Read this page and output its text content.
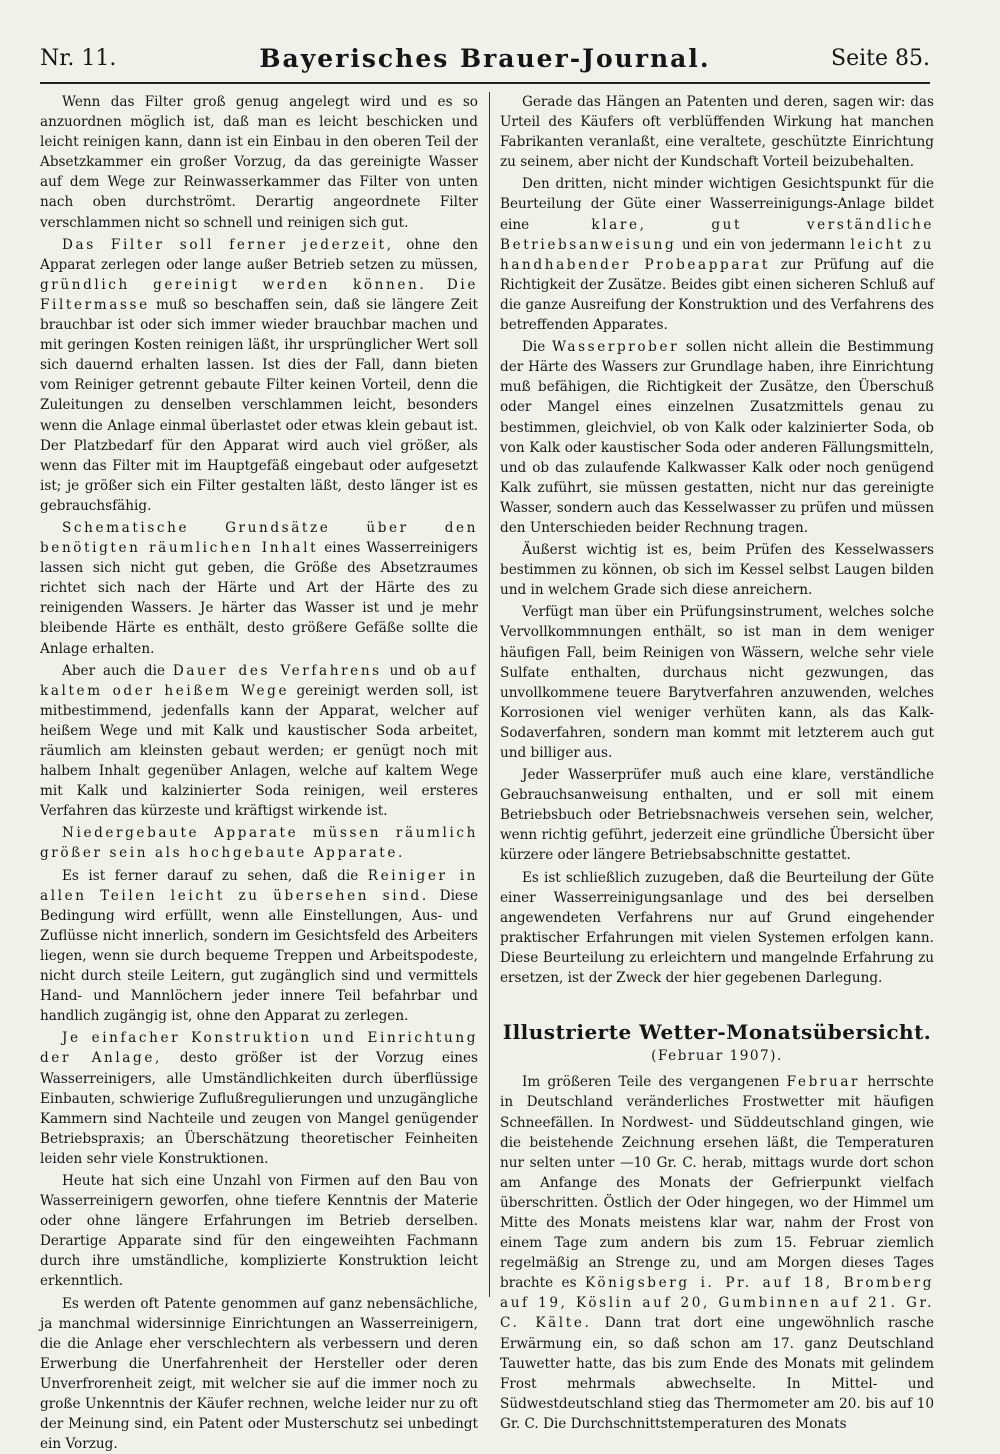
Nr. 11.	Bayerisches Brauer-Journal.	Seite 85.

Wenn das Filter groß genug angelegt wird und es so anzuordnen möglich ist, daß man es leicht beschicken und leicht reinigen kann, dann ist ein Einbau in den oberen Teil der Absetzkammer ein großer Vorzug, da das gereinigte Wasser auf dem Wege zur Reinwasserkammer das Filter von unten nach oben durchströmt. Derartig angeordnete Filter verschlammen nicht so schnell und reinigen sich gut.

Das Filter soll ferner jederzeit, ohne den Apparat zerlegen oder lange außer Betrieb setzen zu müssen, gründlich gereinigt werden können. Die Filtermasse muß so beschaffen sein, daß sie längere Zeit brauchbar ist oder sich immer wieder brauchbar machen und mit geringen Kosten reinigen läßt, ihr ursprünglicher Wert soll sich dauernd erhalten lassen. Ist dies der Fall, dann bieten vom Reiniger getrennt gebaute Filter keinen Vorteil, denn die Zuleitungen zu denselben verschlammen leicht, besonders wenn die Anlage einmal überlastet oder etwas klein gebaut ist. Der Platzbedarf für den Apparat wird auch viel größer, als wenn das Filter mit im Hauptgefäß eingebaut oder aufgesetzt ist; je größer sich ein Filter gestalten läßt, desto länger ist es gebrauchsfähig.

Schematische Grundsätze über den benötigten räumlichen Inhalt eines Wasserreinigers lassen sich nicht gut geben, die Größe des Absetzraumes richtet sich nach der Härte und Art der Härte des zu reinigenden Wassers. Je härter das Wasser ist und je mehr bleibende Härte es enthält, desto größere Gefäße sollte die Anlage erhalten.

Aber auch die Dauer des Verfahrens und ob auf kaltem oder heißem Wege gereinigt werden soll, ist mitbestimmend, jedenfalls kann der Apparat, welcher auf heißem Wege und mit Kalk und kaustischer Soda arbeitet, räumlich am kleinsten gebaut werden; er genügt noch mit halbem Inhalt gegenüber Anlagen, welche auf kaltem Wege mit Kalk und kalzinierter Soda reinigen, weil ersteres Verfahren das kürzeste und kräftigst wirkende ist.

Niedergebaute Apparate müssen räumlich größer sein als hochgebaute Apparate.

Es ist ferner darauf zu sehen, daß die Reiniger in allen Teilen leicht zu übersehen sind. Diese Bedingung wird erfüllt, wenn alle Einstellungen, Aus- und Zuflüsse nicht innerlich, sondern im Gesichtsfeld des Arbeiters liegen, wenn sie durch bequeme Treppen und Arbeitspodeste, nicht durch steile Leitern, gut zugänglich sind und vermittels Hand- und Mannlöchern jeder innere Teil befahrbar und handlich zugängig ist, ohne den Apparat zu zerlegen.

Je einfacher Konstruktion und Einrichtung der Anlage, desto größer ist der Vorzug eines Wasserreinigers, alle Umständlichkeiten durch überflüssige Einbauten, schwierige Zuflußregulierungen und unzugängliche Kammern sind Nachteile und zeugen von Mangel genügender Betriebspraxis; an Überschätzung theoretischer Feinheiten leiden sehr viele Konstruktionen.

Heute hat sich eine Unzahl von Firmen auf den Bau von Wasserreinigern geworfen, ohne tiefere Kenntnis der Materie oder ohne längere Erfahrungen im Betrieb derselben. Derartige Apparate sind für den eingeweihten Fachmann durch ihre umständliche, komplizierte Konstruktion leicht erkenntlich.

Es werden oft Patente genommen auf ganz nebensächliche, ja manchmal widersinnige Einrichtungen an Wasserreinigern, die die Anlage eher verschlechtern als verbessern und deren Erwerbung die Unerfahrenheit der Hersteller oder deren Unverfrorenheit zeigt, mit welcher sie auf die immer noch zu große Unkenntnis der Käufer rechnen, welche leider nur zu oft der Meinung sind, ein Patent oder Musterschutz sei unbedingt ein Vorzug.

Gerade das Hängen an Patenten und deren, sagen wir: das Urteil des Käufers oft verblüffenden Wirkung hat manchen Fabrikanten veranlaßt, eine veraltete, geschützte Einrichtung zu seinem, aber nicht der Kundschaft Vorteil beizubehalten.

Den dritten, nicht minder wichtigen Gesichtspunkt für die Beurteilung der Güte einer Wasserreinigungs-Anlage bildet eine klare, gut verständliche Betriebsanweisung und ein von jedermann leicht zu handhabender Probeapparat zur Prüfung auf die Richtigkeit der Zusätze. Beides gibt einen sicheren Schluß auf die ganze Ausreifung der Konstruktion und des Verfahrens des betreffenden Apparates.

Die Wasserprober sollen nicht allein die Bestimmung der Härte des Wassers zur Grundlage haben, ihre Einrichtung muß befähigen, die Richtigkeit der Zusätze, den Überschuß oder Mangel eines einzelnen Zusatzmittels genau zu bestimmen, gleichviel, ob von Kalk oder kalzinierter Soda, ob von Kalk oder kaustischer Soda oder anderen Fällungsmitteln, und ob das zulaufende Kalkwasser Kalk oder noch genügend Kalk zuführt, sie müssen gestatten, nicht nur das gereinigte Wasser, sondern auch das Kesselwasser zu prüfen und müssen den Unterschieden beider Rechnung tragen.

Äußerst wichtig ist es, beim Prüfen des Kesselwassers bestimmen zu können, ob sich im Kessel selbst Laugen bilden und in welchem Grade sich diese anreichern.

Verfügt man über ein Prüfungsinstrument, welches solche Vervollkommnungen enthält, so ist man in dem weniger häufigen Fall, beim Reinigen von Wässern, welche sehr viele Sulfate enthalten, durchaus nicht gezwungen, das unvollkommene teuere Barytverfahren anzuwenden, welches Korrosionen viel weniger verhüten kann, als das Kalk-Sodaverfahren, sondern man kommt mit letzterem auch gut und billiger aus.

Jeder Wasserprüfer muß auch eine klare, verständliche Gebrauchsanweisung enthalten, und er soll mit einem Betriebsbuch oder Betriebsnachweis versehen sein, welcher, wenn richtig geführt, jederzeit eine gründliche Übersicht über kürzere oder längere Betriebsabschnitte gestattet.

Es ist schließlich zuzugeben, daß die Beurteilung der Güte einer Wasserreinigungsanlage und des bei derselben angewendeten Verfahrens nur auf Grund eingehender praktischer Erfahrungen mit vielen Systemen erfolgen kann. Diese Beurteilung zu erleichtern und mangelnde Erfahrung zu ersetzen, ist der Zweck der hier gegebenen Darlegung.

Illustrierte Wetter-Monatsübersicht.
(Februar 1907).

Im größeren Teile des vergangenen Februar herrschte in Deutschland veränderliches Frostwetter mit häufigen Schneefällen. In Nordwest- und Süddeutschland gingen, wie die beistehende Zeichnung ersehen läßt, die Temperaturen nur selten unter —10 Gr. C. herab, mittags wurde dort schon am Anfange des Monats der Gefrierpunkt vielfach überschritten. Östlich der Oder hingegen, wo der Himmel um Mitte des Monats meistens klar war, nahm der Frost von einem Tage zum andern bis zum 15. Februar ziemlich regelmäßig an Strenge zu, und am Morgen dieses Tages brachte es Königsberg i. Pr. auf 18, Bromberg auf 19, Köslin auf 20, Gumbinnen auf 21. Gr. C. Kälte. Dann trat dort eine ungewöhnlich rasche Erwärmung ein, so daß schon am 17. ganz Deutschland Tauwetter hatte, das bis zum Ende des Monats mit gelindem Frost mehrmals abwechselte. In Mittel- und Südwestdeutschland stieg das Thermometer am 20. bis auf 10 Gr. C. Die Durchschnittstemperaturen des Monats
